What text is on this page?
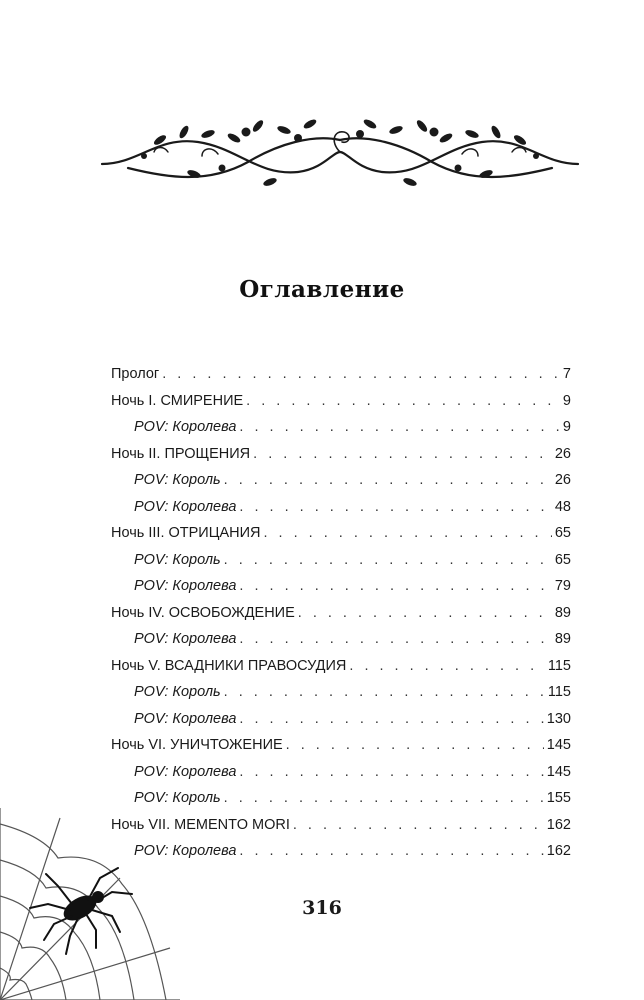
Оглавление
Пролог . . .	7
Ночь I. СМИРЕНИЕ . . .	9
POV: Королева . . .	9
Ночь II. ПРОЩЕНИЯ . . .	26
POV: Король . . .	26
POV: Королева . . .	48
Ночь III. ОТРИЦАНИЯ . . .	65
POV: Король . . .	65
POV: Королева . . .	79
Ночь IV. ОСВОБОЖДЕНИЕ . . .	89
POV: Королева . . .	89
Ночь V. ВСАДНИКИ ПРАВОСУДИЯ . . .	115
POV: Король . . .	115
POV: Королева . . .	130
Ночь VI. УНИЧТОЖЕНИЕ . . .	145
POV: Королева . . .	145
POV: Король . . .	155
Ночь VII. MEMENTO MORI . . .	162
POV: Королева . . .	162
316
